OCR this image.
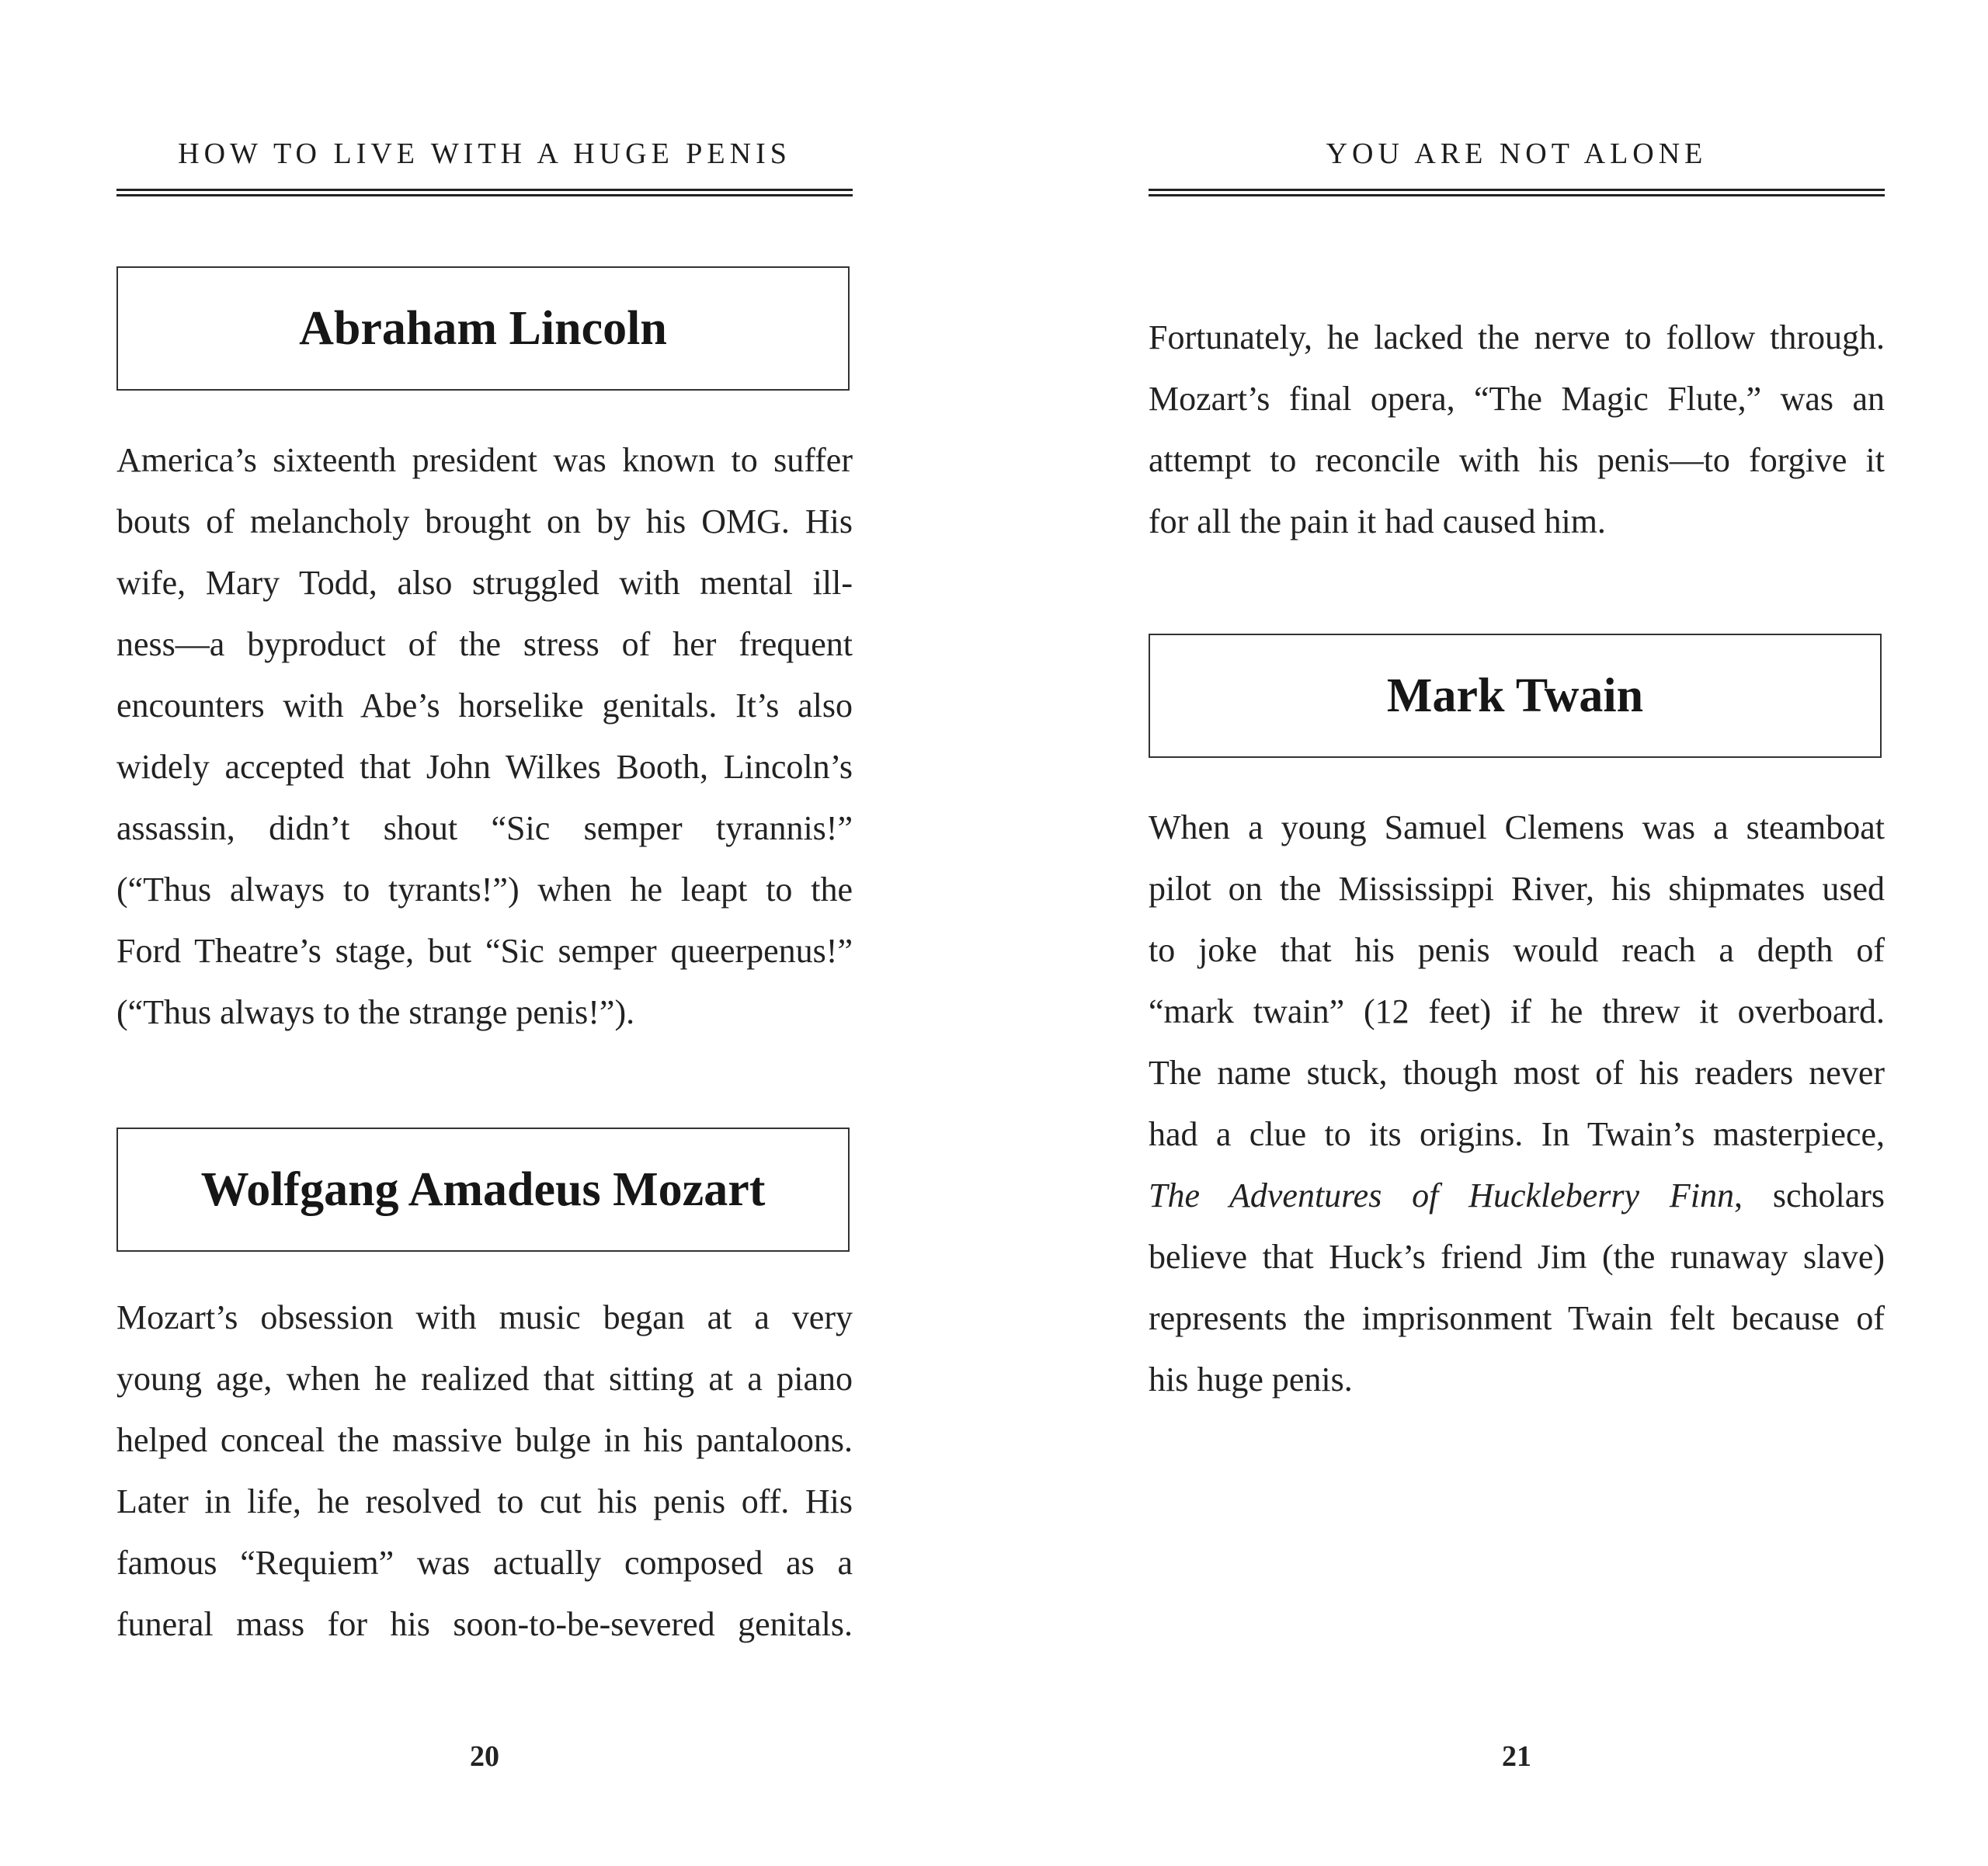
HOW TO LIVE WITH A HUGE PENIS
Abraham Lincoln
America’s sixteenth president was known to suffer
bouts of melancholy brought on by his OMG. His
wife, Mary Todd, also struggled with mental ill-
ness—a byproduct of the stress of her frequent
encounters with Abe’s horselike genitals. It’s also
widely accepted that John Wilkes Booth, Lincoln’s
assassin, didn’t shout “Sic semper tyrannis!”
(“Thus always to tyrants!”) when he leapt to the
Ford Theatre’s stage, but “Sic semper queerpenus!”
(“Thus always to the strange penis!”).
Wolfgang Amadeus Mozart
Mozart’s obsession with music began at a very
young age, when he realized that sitting at a piano
helped conceal the massive bulge in his pantaloons.
Later in life, he resolved to cut his penis off. His
famous “Requiem” was actually composed as a
funeral mass for his soon-to-be-severed genitals.
20
YOU ARE NOT ALONE
Fortunately, he lacked the nerve to follow through.
Mozart’s final opera, “The Magic Flute,” was an
attempt to reconcile with his penis—to forgive it
for all the pain it had caused him.
Mark Twain
When a young Samuel Clemens was a steamboat
pilot on the Mississippi River, his shipmates used
to joke that his penis would reach a depth of
“mark twain” (12 feet) if he threw it overboard.
The name stuck, though most of his readers never
had a clue to its origins. In Twain’s masterpiece,
The Adventures of Huckleberry Finn, scholars
believe that Huck’s friend Jim (the runaway slave)
represents the imprisonment Twain felt because of
his huge penis.
21
